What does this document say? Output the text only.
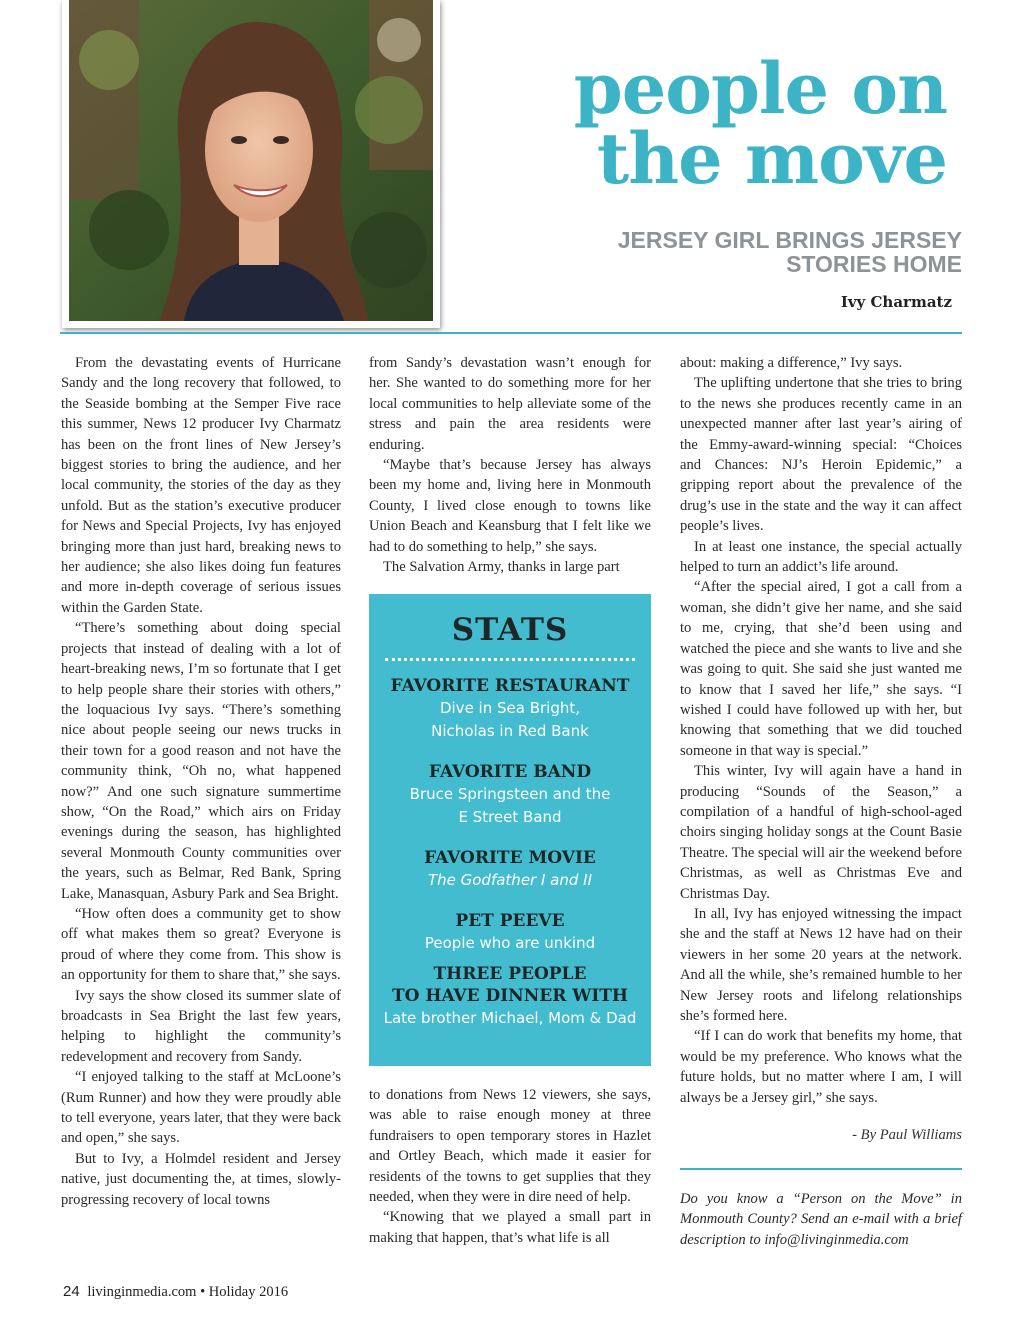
people on
the move
JERSEY GIRL BRINGS JERSEY
STORIES HOME
Ivy Charmatz

From the devastating events of Hurricane Sandy and the long recovery that followed, to the Seaside bombing at the Semper Five race this summer, News 12 producer Ivy Charmatz has been on the front lines of New Jersey’s biggest stories to bring the audience, and her local community, the stories of the day as they unfold. But as the station’s executive producer for News and Special Projects, Ivy has enjoyed bringing more than just hard, breaking news to her audience; she also likes doing fun features and more in-depth coverage of serious issues within the Garden State.

“There’s something about doing special projects that instead of dealing with a lot of heart-breaking news, I’m so fortunate that I get to help people share their stories with others,” the loquacious Ivy says. “There’s something nice about people seeing our news trucks in their town for a good reason and not have the community think, “Oh no, what happened now?” And one such signature summertime show, “On the Road,” which airs on Friday evenings during the season, has highlighted several Monmouth County communities over the years, such as Belmar, Red Bank, Spring Lake, Manasquan, Asbury Park and Sea Bright.

“How often does a community get to show off what makes them so great? Everyone is proud of where they come from. This show is an opportunity for them to share that,” she says.

Ivy says the show closed its summer slate of broadcasts in Sea Bright the last few years, helping to highlight the community’s redevelopment and recovery from Sandy.

“I enjoyed talking to the staff at McLoone’s (Rum Runner) and how they were proudly able to tell everyone, years later, that they were back and open,” she says.

But to Ivy, a Holmdel resident and Jersey native, just documenting the, at times, slowly-progressing recovery of local towns

from Sandy’s devastation wasn’t enough for her. She wanted to do something more for her local communities to help alleviate some of the stress and pain the area residents were enduring.

“Maybe that’s because Jersey has always been my home and, living here in Monmouth County, I lived close enough to towns like Union Beach and Keansburg that I felt like we had to do something to help,” she says.

The Salvation Army, thanks in large part

STATS

FAVORITE RESTAURANT

Dive in Sea Bright,

Nicholas in Red Bank

FAVORITE BAND

Bruce Springsteen and the

E Street Band

FAVORITE MOVIE

The Godfather I and II

PET PEEVE

People who are unkind

THREE PEOPLE

TO HAVE DINNER WITH

Late brother Michael, Mom & Dad

to donations from News 12 viewers, she says, was able to raise enough money at three fundraisers to open temporary stores in Hazlet and Ortley Beach, which made it easier for residents of the towns to get supplies that they needed, when they were in dire need of help.

“Knowing that we played a small part in making that happen, that’s what life is all

about: making a difference,” Ivy says.

The uplifting undertone that she tries to bring to the news she produces recently came in an unexpected manner after last year’s airing of the Emmy-award-winning special: “Choices and Chances: NJ’s Heroin Epidemic,” a gripping report about the prevalence of the drug’s use in the state and the way it can affect people’s lives.

In at least one instance, the special actually helped to turn an addict’s life around.

“After the special aired, I got a call from a woman, she didn’t give her name, and she said to me, crying, that she’d been using and watched the piece and she wants to live and she was going to quit. She said she just wanted me to know that I saved her life,” she says. “I wished I could have followed up with her, but knowing that something that we did touched someone in that way is special.”

This winter, Ivy will again have a hand in producing “Sounds of the Season,” a compilation of a handful of high-school-aged choirs singing holiday songs at the Count Basie Theatre. The special will air the weekend before Christmas, as well as Christmas Eve and Christmas Day.

In all, Ivy has enjoyed witnessing the impact she and the staff at News 12 have had on their viewers in her some 20 years at the network. And all the while, she’s remained humble to her New Jersey roots and lifelong relationships she’s formed here.

“If I can do work that benefits my home, that would be my preference. Who knows what the future holds, but no matter where I am, I will always be a Jersey girl,” she says.

- By Paul Williams

Do you know a “Person on the Move” in Monmouth County? Send an e-mail with a brief description to info@livinginmedia.com

24 livinginmedia.com • Holiday 2016
